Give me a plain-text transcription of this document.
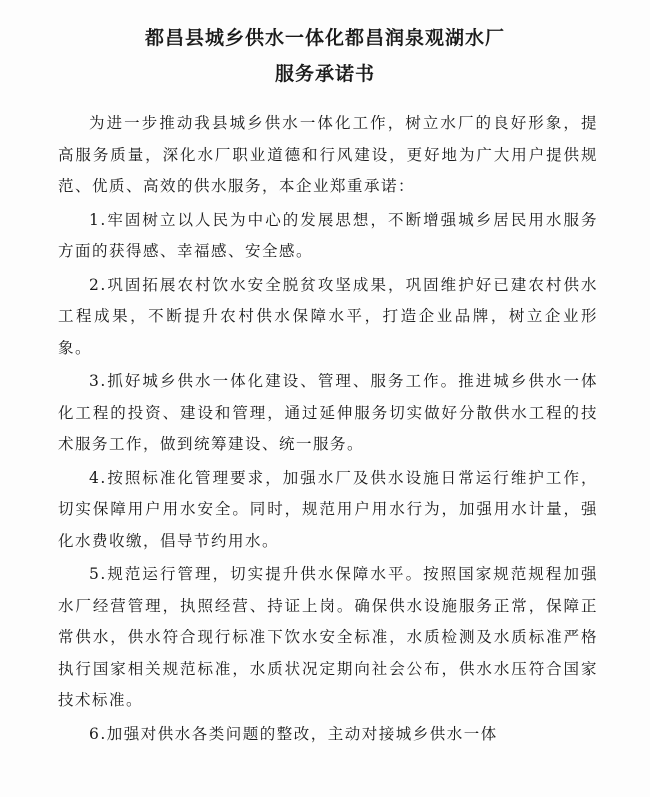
都昌县城乡供水一体化都昌润泉观湖水厂
服务承诺书

为进一步推动我县城乡供水一体化工作，树立水厂的良好形象，提高服务质量，深化水厂职业道德和行风建设，更好地为广大用户提供规范、优质、高效的供水服务，本企业郑重承诺：

1.牢固树立以人民为中心的发展思想，不断增强城乡居民用水服务方面的获得感、幸福感、安全感。

2.巩固拓展农村饮水安全脱贫攻坚成果，巩固维护好已建农村供水工程成果，不断提升农村供水保障水平，打造企业品牌，树立企业形象。

3.抓好城乡供水一体化建设、管理、服务工作。推进城乡供水一体化工程的投资、建设和管理，通过延伸服务切实做好分散供水工程的技术服务工作，做到统筹建设、统一服务。

4.按照标准化管理要求，加强水厂及供水设施日常运行维护工作，切实保障用户用水安全。同时，规范用户用水行为，加强用水计量，强化水费收缴，倡导节约用水。

5.规范运行管理，切实提升供水保障水平。按照国家规范规程加强水厂经营管理，执照经营、持证上岗。确保供水设施服务正常，保障正常供水，供水符合现行标准下饮水安全标准，水质检测及水质标准严格执行国家相关规范标准，水质状况定期向社会公布，供水水压符合国家技术标准。

6.加强对供水各类问题的整改，主动对接城乡供水一体
